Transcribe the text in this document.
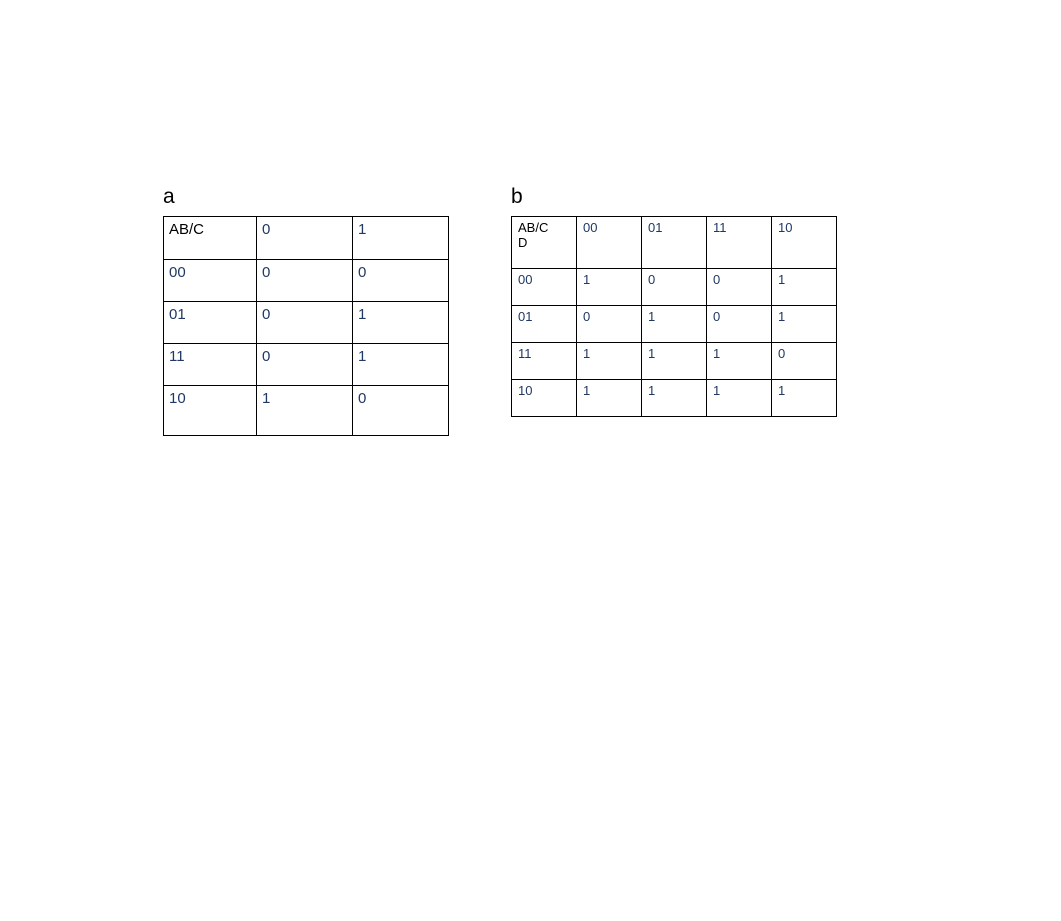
a
AB/C	0	1
00	0	0
01	0	1
11	0	1
10	1	0
b
AB/C
D	00	01	11	10
00	1	0	0	1
01	0	1	0	1
11	1	1	1	0
10	1	1	1	1
